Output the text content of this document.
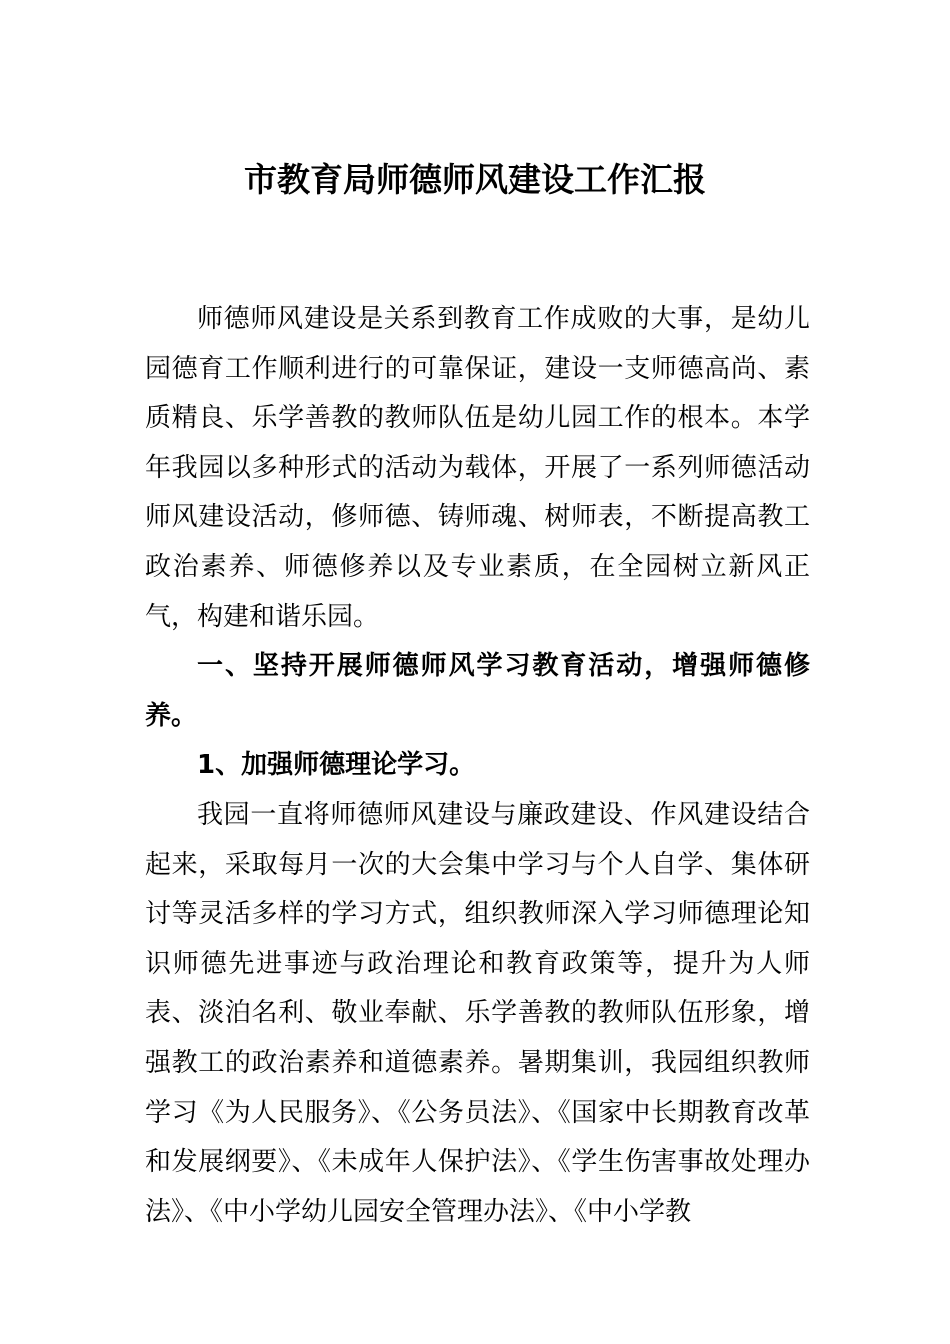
市教育局师德师风建设工作汇报

师德师风建设是关系到教育工作成败的大事，是幼儿园德育工作顺利进行的可靠保证，建设一支师德高尚、素质精良、乐学善教的教师队伍是幼儿园工作的根本。本学年我园以多种形式的活动为载体，开展了一系列师德活动师风建设活动，修师德、铸师魂、树师表，不断提高教工政治素养、师德修养以及专业素质，在全园树立新风正气，构建和谐乐园。

一、坚持开展师德师风学习教育活动，增强师德修养。

1、加强师德理论学习。

我园一直将师德师风建设与廉政建设、作风建设结合起来，采取每月一次的大会集中学习与个人自学、集体研讨等灵活多样的学习方式，组织教师深入学习师德理论知识师德先进事迹与政治理论和教育政策等，提升为人师表、淡泊名利、敬业奉献、乐学善教的教师队伍形象，增强教工的政治素养和道德素养。暑期集训，我园组织教师学习《为人民服务》、《公务员法》、《国家中长期教育改革和发展纲要》、《未成年人保护法》、《学生伤害事故处理办法》、《中小学幼儿园安全管理办法》、《中小学教
